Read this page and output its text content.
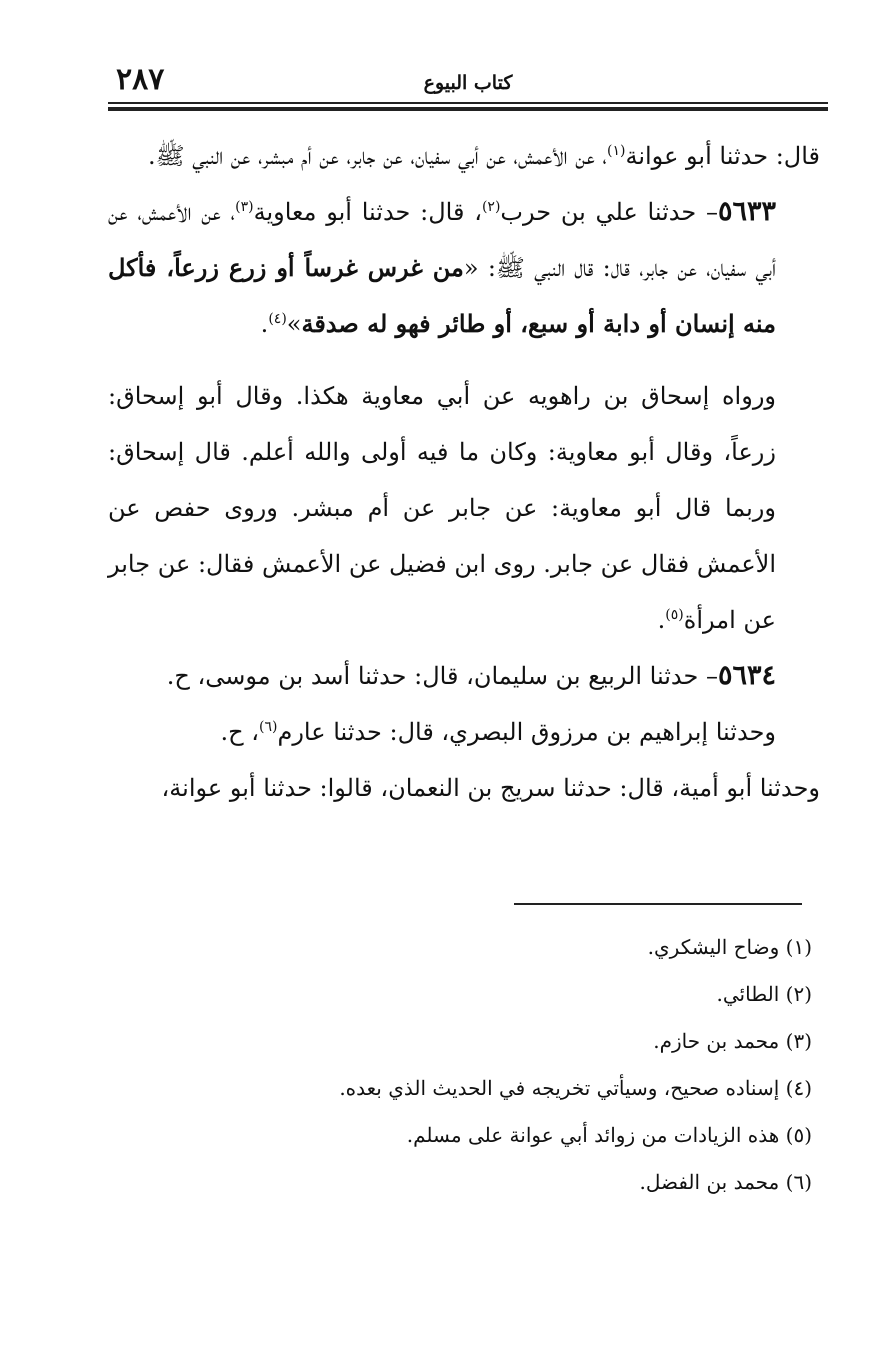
٢٨٧	كتاب البيوع

قال: حدثنا أبو عوانة$^{(١)}$، عن الأعمش، عن أبي سفيان، عن جابر، عن أم مبشر، عن النبي ﷺ.

٥٦٣٣– حدثنا علي بن حرب$^{(٢)}$، قال: حدثنا أبو معاوية$^{(٣)}$، عن الأعمش، عن أبي سفيان، عن جابر، قال: قال النبي ﷺ: «من غرس غرساً أو زرع زرعاً، فأكل منه إنسان أو دابة أو سبع، أو طائر فهو له صدقة»$^{(٤)}$.

ورواه إسحاق بن راهويه عن أبي معاوية هكذا. وقال أبو إسحاق: زرعاً، وقال أبو معاوية: وكان ما فيه أولى والله أعلم. قال إسحاق: وربما قال أبو معاوية: عن جابر عن أم مبشر. وروى حفص عن الأعمش فقال عن جابر. روى ابن فضيل عن الأعمش فقال: عن جابر عن امرأة$^{(٥)}$.

٥٦٣٤– حدثنا الربيع بن سليمان، قال: حدثنا أسد بن موسى، ح.

وحدثنا إبراهيم بن مرزوق البصري، قال: حدثنا عارم$^{(٦)}$، ح.

وحدثنا أبو أمية، قال: حدثنا سريج بن النعمان، قالوا: حدثنا أبو عوانة،

(١) وضاح اليشكري.
(٢) الطائي.
(٣) محمد بن حازم.
(٤) إسناده صحيح، وسيأتي تخريجه في الحديث الذي بعده.
(٥) هذه الزيادات من زوائد أبي عوانة على مسلم.
(٦) محمد بن الفضل.
